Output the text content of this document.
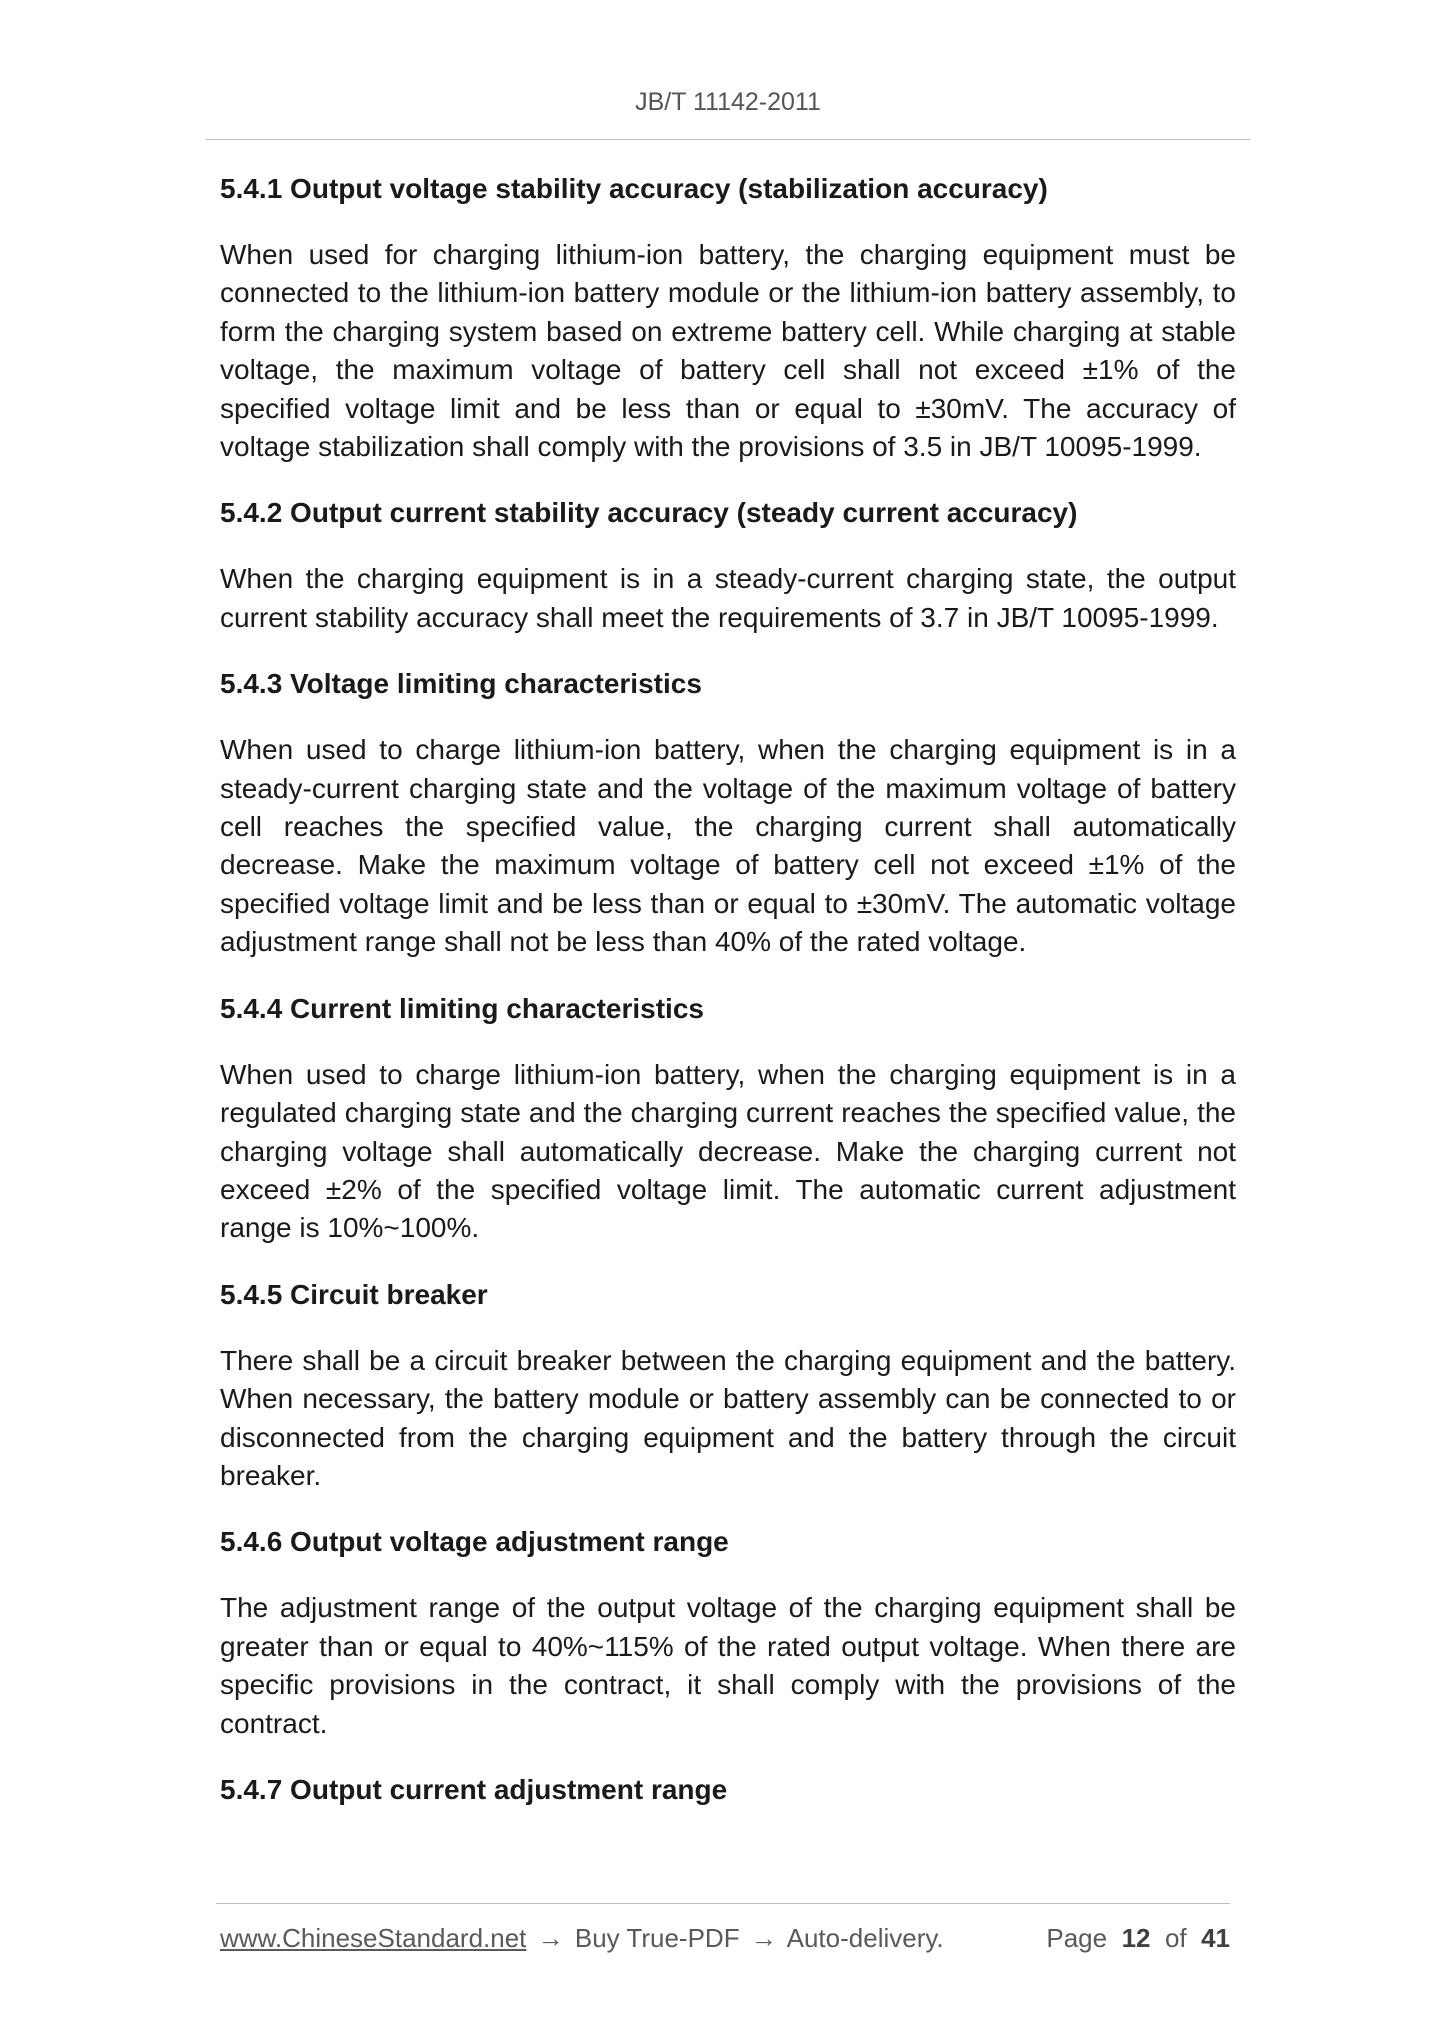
JB/T 11142-2011
5.4.1 Output voltage stability accuracy (stabilization accuracy)
When used for charging lithium-ion battery, the charging equipment must be connected to the lithium-ion battery module or the lithium-ion battery assembly, to form the charging system based on extreme battery cell. While charging at stable voltage, the maximum voltage of battery cell shall not exceed ±1% of the specified voltage limit and be less than or equal to ±30mV. The accuracy of voltage stabilization shall comply with the provisions of 3.5 in JB/T 10095-1999.
5.4.2 Output current stability accuracy (steady current accuracy)
When the charging equipment is in a steady-current charging state, the output current stability accuracy shall meet the requirements of 3.7 in JB/T 10095-1999.
5.4.3 Voltage limiting characteristics
When used to charge lithium-ion battery, when the charging equipment is in a steady-current charging state and the voltage of the maximum voltage of battery cell reaches the specified value, the charging current shall automatically decrease. Make the maximum voltage of battery cell not exceed ±1% of the specified voltage limit and be less than or equal to ±30mV. The automatic voltage adjustment range shall not be less than 40% of the rated voltage.
5.4.4 Current limiting characteristics
When used to charge lithium-ion battery, when the charging equipment is in a regulated charging state and the charging current reaches the specified value, the charging voltage shall automatically decrease. Make the charging current not exceed ±2% of the specified voltage limit. The automatic current adjustment range is 10%~100%.
5.4.5 Circuit breaker
There shall be a circuit breaker between the charging equipment and the battery. When necessary, the battery module or battery assembly can be connected to or disconnected from the charging equipment and the battery through the circuit breaker.
5.4.6 Output voltage adjustment range
The adjustment range of the output voltage of the charging equipment shall be greater than or equal to 40%~115% of the rated output voltage. When there are specific provisions in the contract, it shall comply with the provisions of the contract.
5.4.7 Output current adjustment range
www.ChineseStandard.net → Buy True-PDF → Auto-delivery.	Page 12 of 41
